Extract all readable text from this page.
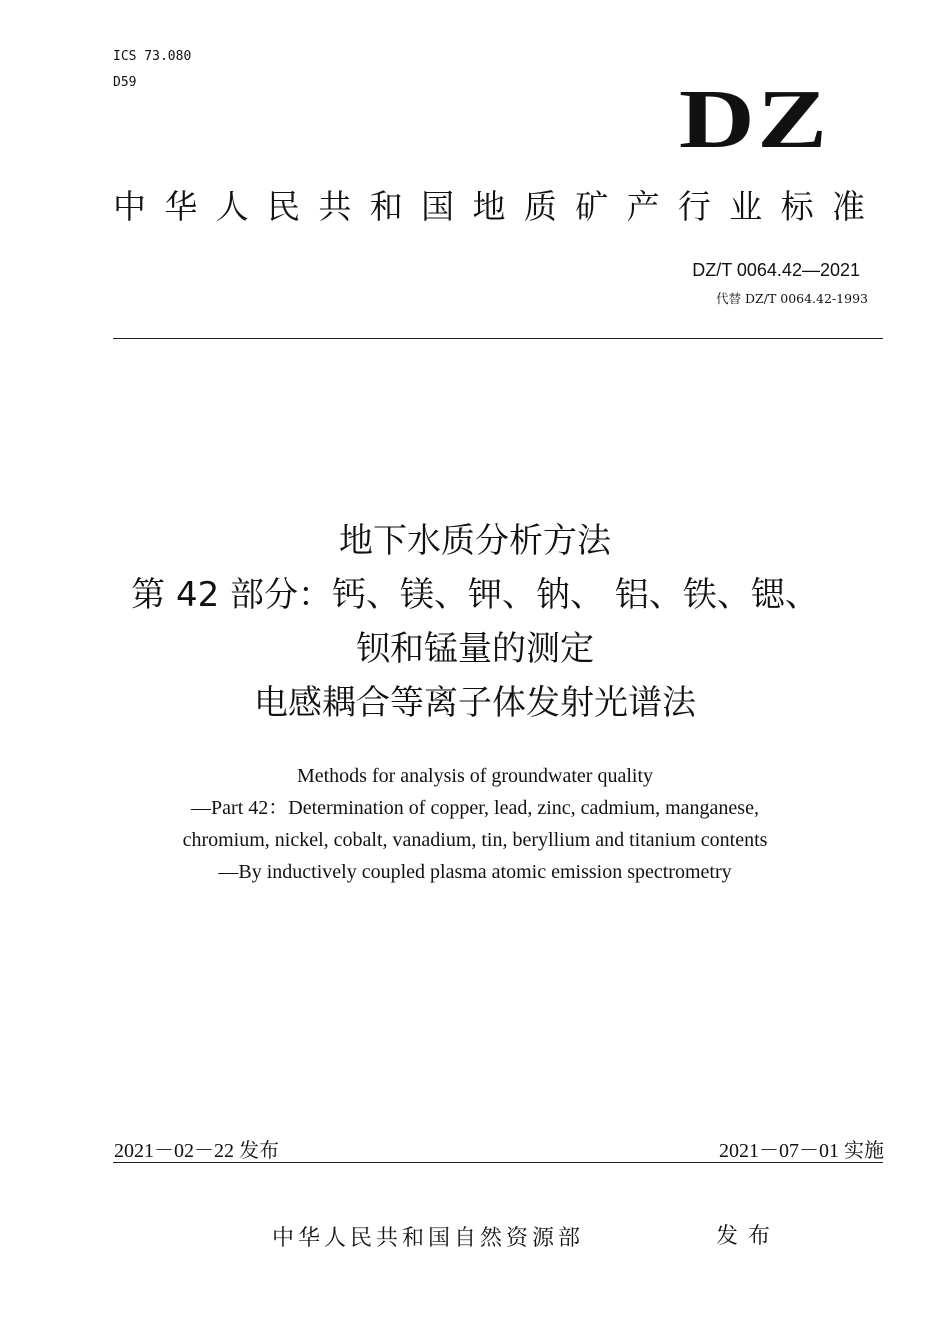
ICS 73.080
D59	DZ
中华人民共和国地质矿产行业标准
DZ/T 0064.42—2021
代替 DZ/T 0064.42-1993
地下水质分析方法
第 42 部分：钙、镁、钾、钠、 铝、铁、锶、
钡和锰量的测定
电感耦合等离子体发射光谱法
Methods for analysis of groundwater quality
—Part 42：Determination of copper, lead, zinc, cadmium, manganese,
chromium, nickel, cobalt, vanadium, tin, beryllium and titanium contents
—By inductively coupled plasma atomic emission spectrometry
2021－02－22 发布	2021－07－01 实施
中华人民共和国自然资源部	发布
